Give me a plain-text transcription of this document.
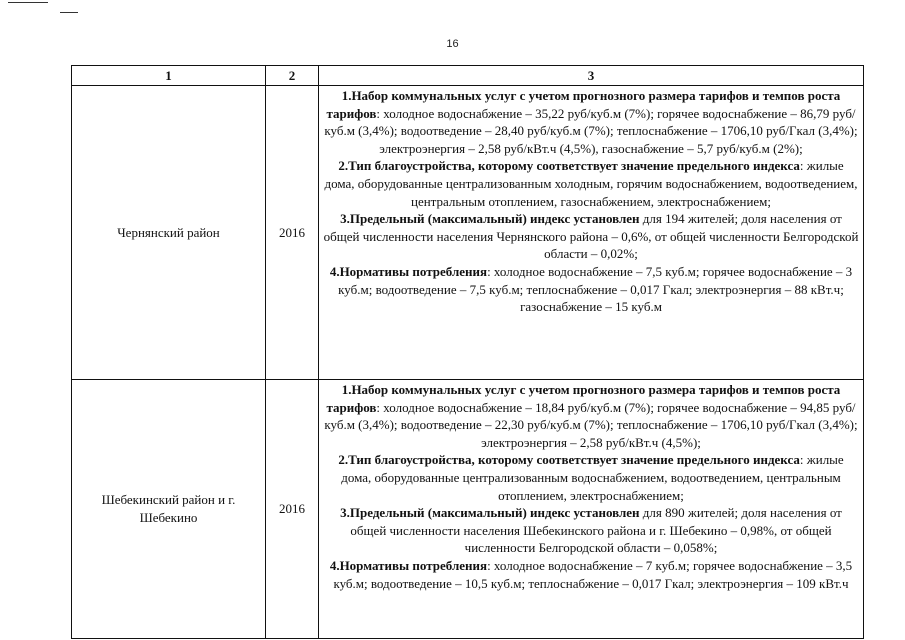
16
1	2	3
Чернянский район	2016	1.Набор коммунальных услуг с учетом прогнозного размера тарифов и темпов роста тарифов: холодное водоснабжение – 35,22 руб/куб.м (7%); горячее водоснабжение – 86,79 руб/куб.м (3,4%); водоотведение – 28,40 руб/куб.м (7%); теплоснабжение – 1706,10 руб/Гкал (3,4%); электроэнергия – 2,58 руб/кВт.ч (4,5%), газоснабжение – 5,7 руб/куб.м (2%);

2.Тип благоустройства, которому соответствует значение предельного индекса: жилые дома, оборудованные централизованным холодным, горячим водоснабжением, водоотведением, центральным отоплением, газоснабжением, электроснабжением;

3.Предельный (максимальный) индекс установлен для 194 жителей; доля населения от общей численности населения Чернянского района – 0,6%, от общей численности Белгородской области – 0,02%;

4.Нормативы потребления: холодное водоснабжение – 7,5 куб.м; горячее водоснабжение – 3 куб.м; водоотведение – 7,5 куб.м; теплоснабжение – 0,017 Гкал; электроэнергия – 88 кВт.ч; газоснабжение – 15 куб.м

Шебекинский район и г. Шебекино	2016	1.Набор коммунальных услуг с учетом прогнозного размера тарифов и темпов роста тарифов: холодное водоснабжение – 18,84 руб/куб.м (7%); горячее водоснабжение – 94,85 руб/куб.м (3,4%); водоотведение – 22,30 руб/куб.м (7%); теплоснабжение – 1706,10 руб/Гкал (3,4%); электроэнергия – 2,58 руб/кВт.ч (4,5%);

2.Тип благоустройства, которому соответствует значение предельного индекса: жилые дома, оборудованные централизованным водоснабжением, водоотведением, центральным отоплением, электроснабжением;

3.Предельный (максимальный) индекс установлен для 890 жителей; доля населения от общей численности населения Шебекинского района и г. Шебекино – 0,98%, от общей численности Белгородской области – 0,058%;

4.Нормативы потребления: холодное водоснабжение – 7 куб.м; горячее водоснабжение – 3,5 куб.м; водоотведение – 10,5 куб.м; теплоснабжение – 0,017 Гкал; электроэнергия – 109 кВт.ч
